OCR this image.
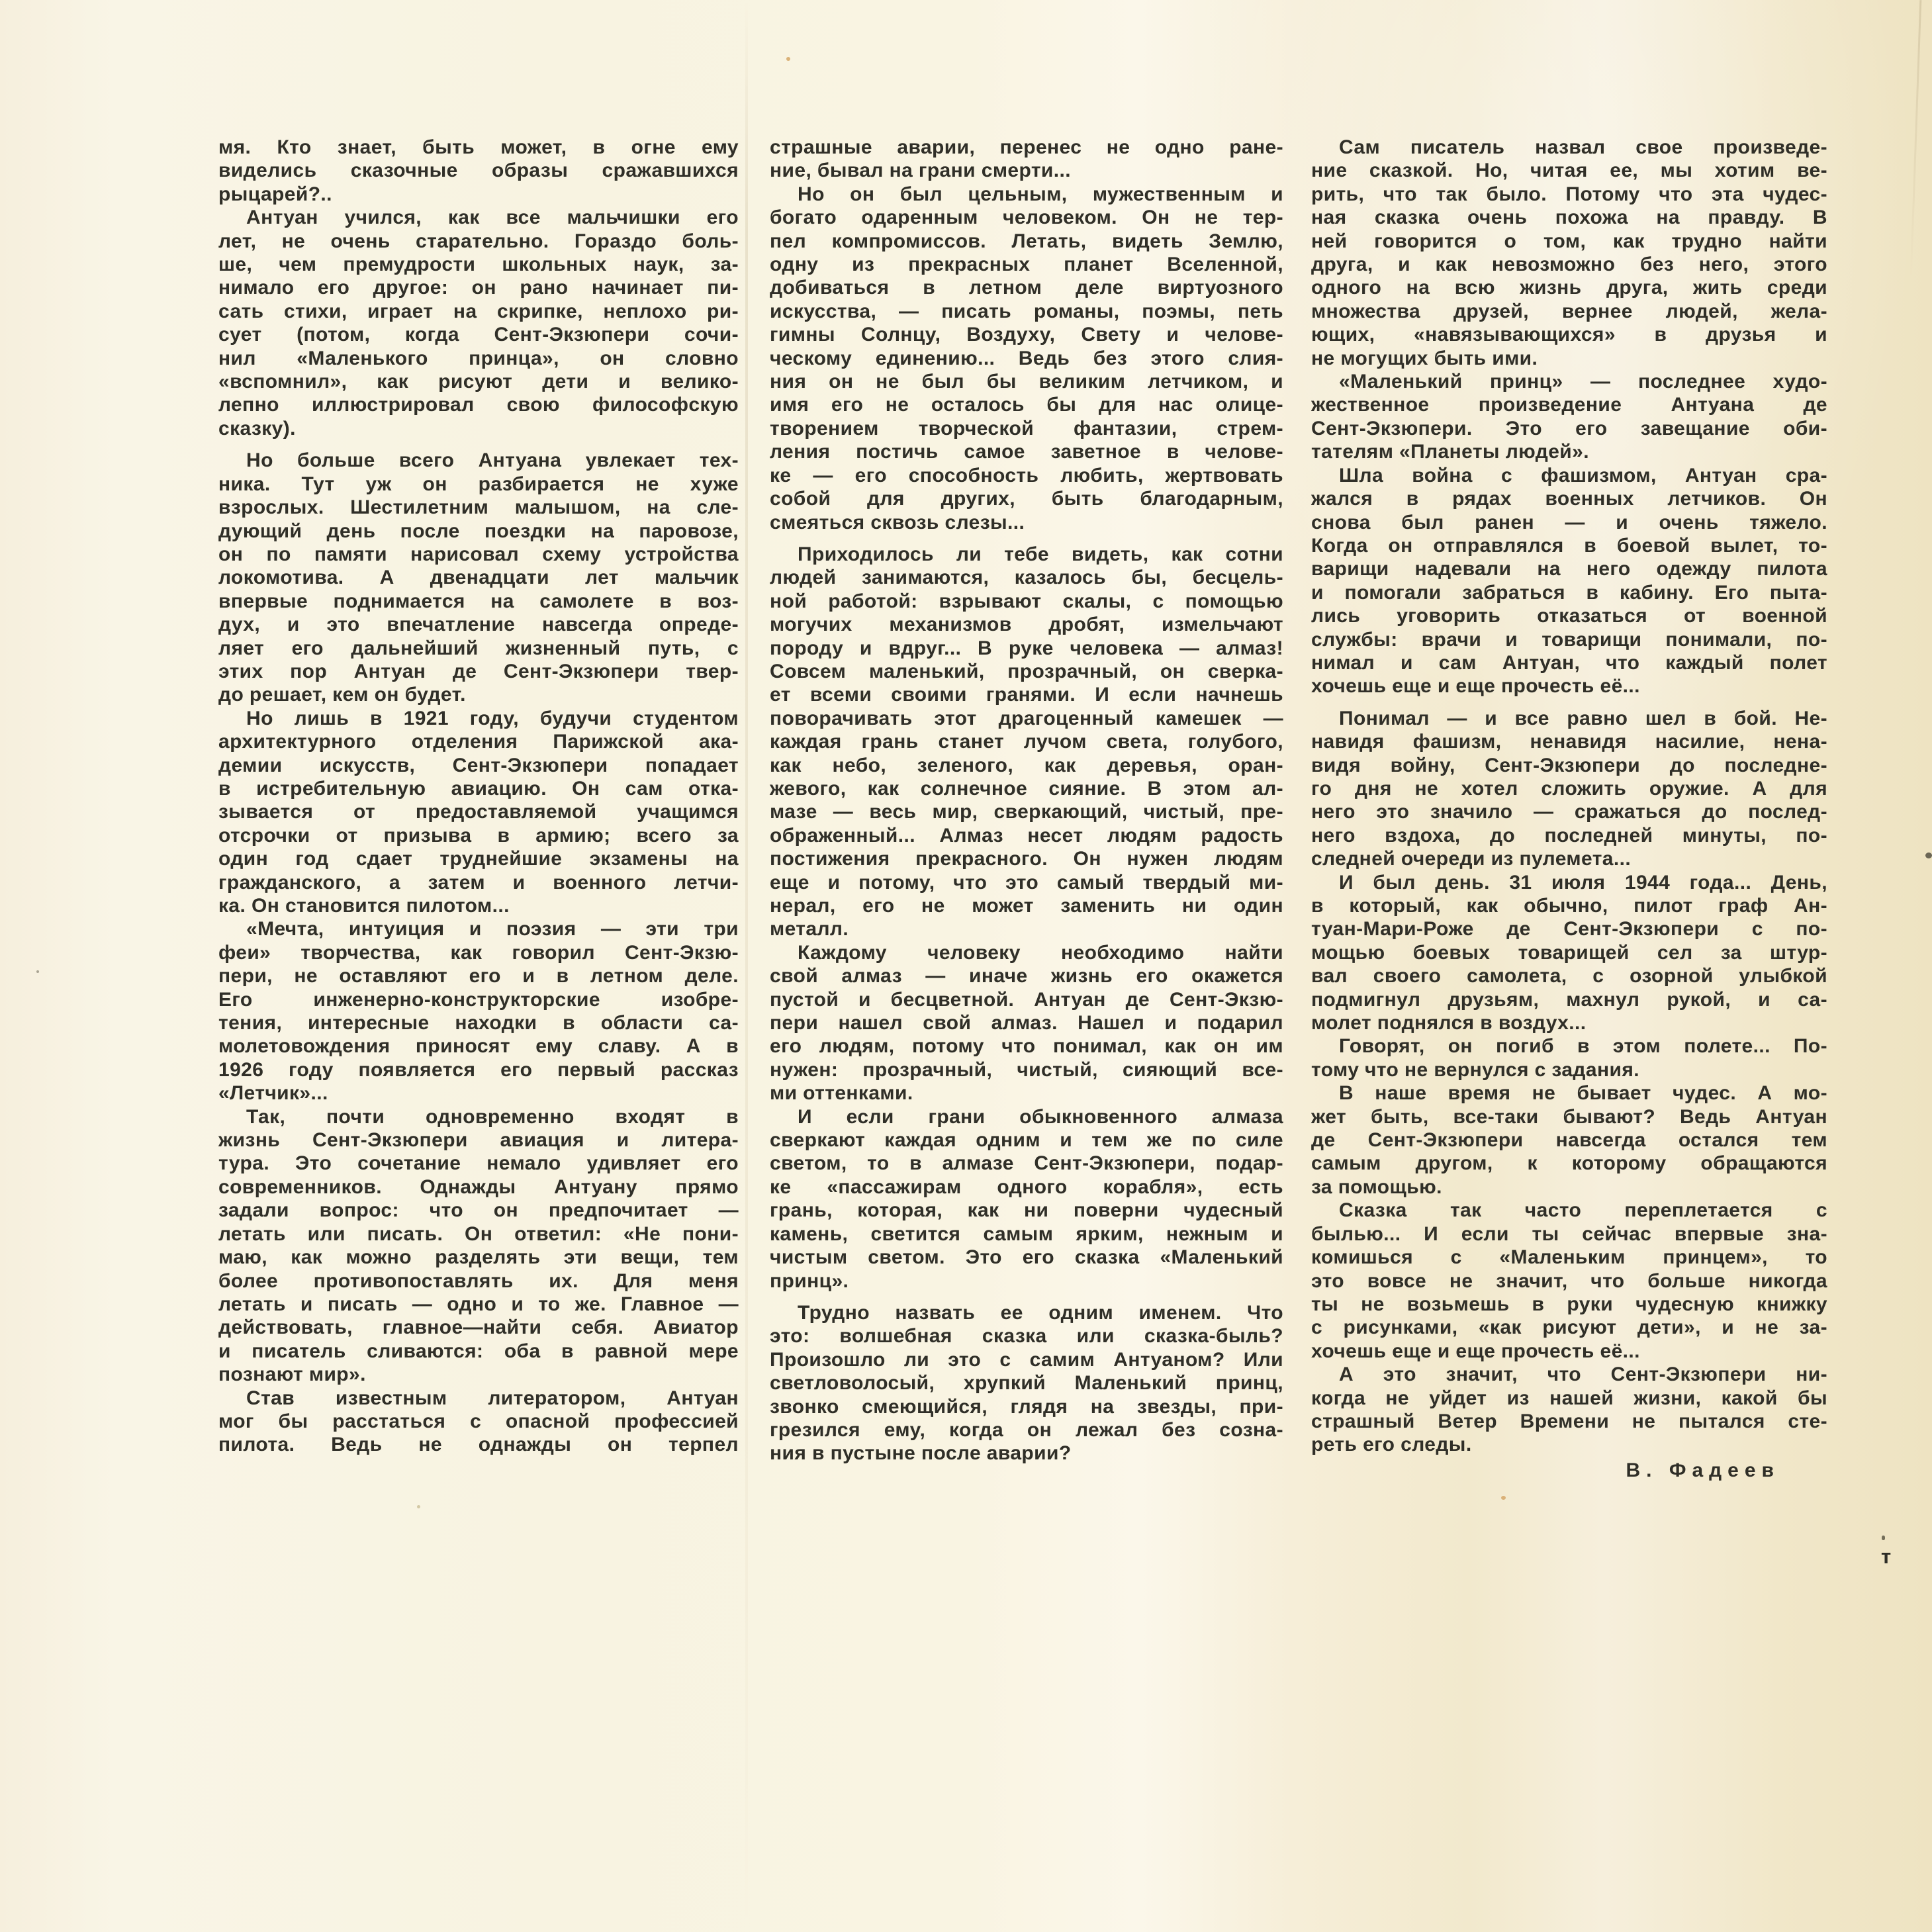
мя. Кто знает, быть может, в огне ему
виделись сказочные образы сражавшихся
рыцарей?..
Антуан учился, как все мальчишки его
лет, не очень старательно. Гораздо боль-
ше, чем премудрости школьных наук, за-
нимало его другое: он рано начинает пи-
сать стихи, играет на скрипке, неплохо ри-
сует (потом, когда Сент-Экзюпери сочи-
нил «Маленького принца», он словно
«вспомнил», как рисуют дети и велико-
лепно иллюстрировал свою философскую
сказку).
Но больше всего Антуана увлекает тех-
ника. Тут уж он разбирается не хуже
взрослых. Шестилетним малышом, на сле-
дующий день после поездки на паровозе,
он по памяти нарисовал схему устройства
локомотива. А двенадцати лет мальчик
впервые поднимается на самолете в воз-
дух, и это впечатление навсегда опреде-
ляет его дальнейший жизненный путь, с
этих пор Антуан де Сент-Экзюпери твер-
до решает, кем он будет.
Но лишь в 1921 году, будучи студентом
архитектурного отделения Парижской ака-
демии искусств, Сент-Экзюпери попадает
в истребительную авиацию. Он сам отка-
зывается от предоставляемой учащимся
отсрочки от призыва в армию; всего за
один год сдает труднейшие экзамены на
гражданского, а затем и военного летчи-
ка. Он становится пилотом...
«Мечта, интуиция и поэзия — эти три
феи» творчества, как говорил Сент-Экзю-
пери, не оставляют его и в летном деле.
Его инженерно-конструкторские изобре-
тения, интересные находки в области са-
молетовождения приносят ему славу. А в
1926 году появляется его первый рассказ
«Летчик»...
Так, почти одновременно входят в
жизнь Сент-Экзюпери авиация и литера-
тура. Это сочетание немало удивляет его
современников. Однажды Антуану прямо
задали вопрос: что он предпочитает —
летать или писать. Он ответил: «Не пони-
маю, как можно разделять эти вещи, тем
более противопоставлять их. Для меня
летать и писать — одно и то же. Главное —
действовать, главное—найти себя. Авиатор
и писатель сливаются: оба в равной мере
познают мир».
Став известным литератором, Антуан
мог бы расстаться с опасной профессией
пилота. Ведь не однажды он терпел
страшные аварии, перенес не одно ране-
ние, бывал на грани смерти...
Но он был цельным, мужественным и
богато одаренным человеком. Он не тер-
пел компромиссов. Летать, видеть Землю,
одну из прекрасных планет Вселенной,
добиваться в летном деле виртуозного
искусства, — писать романы, поэмы, петь
гимны Солнцу, Воздуху, Свету и челове-
ческому единению... Ведь без этого слия-
ния он не был бы великим летчиком, и
имя его не осталось бы для нас олице-
творением творческой фантазии, стрем-
ления постичь самое заветное в челове-
ке — его способность любить, жертвовать
собой для других, быть благодарным,
смеяться сквозь слезы...
Приходилось ли тебе видеть, как сотни
людей занимаются, казалось бы, бесцель-
ной работой: взрывают скалы, с помощью
могучих механизмов дробят, измельчают
породу и вдруг... В руке человека — алмаз!
Совсем маленький, прозрачный, он сверка-
ет всеми своими гранями. И если начнешь
поворачивать этот драгоценный камешек —
каждая грань станет лучом света, голубого,
как небо, зеленого, как деревья, оран-
жевого, как солнечное сияние. В этом ал-
мазе — весь мир, сверкающий, чистый, пре-
ображенный... Алмаз несет людям радость
постижения прекрасного. Он нужен людям
еще и потому, что это самый твердый ми-
нерал, его не может заменить ни один
металл.
Каждому человеку необходимо найти
свой алмаз — иначе жизнь его окажется
пустой и бесцветной. Антуан де Сент-Экзю-
пери нашел свой алмаз. Нашел и подарил
его людям, потому что понимал, как он им
нужен: прозрачный, чистый, сияющий все-
ми оттенками.
И если грани обыкновенного алмаза
сверкают каждая одним и тем же по силе
светом, то в алмазе Сент-Экзюпери, подар-
ке «пассажирам одного корабля», есть
грань, которая, как ни поверни чудесный
камень, светится самым ярким, нежным и
чистым светом. Это его сказка «Маленький
принц».
Трудно назвать ее одним именем. Что
это: волшебная сказка или сказка-быль?
Произошло ли это с самим Антуаном? Или
светловолосый, хрупкий Маленький принц,
звонко смеющийся, глядя на звезды, при-
грезился ему, когда он лежал без созна-
ния в пустыне после аварии?
Сам писатель назвал свое произведе-
ние сказкой. Но, читая ее, мы хотим ве-
рить, что так было. Потому что эта чудес-
ная сказка очень похожа на правду. В
ней говорится о том, как трудно найти
друга, и как невозможно без него, этого
одного на всю жизнь друга, жить среди
множества друзей, вернее людей, жела-
ющих, «навязывающихся» в друзья и
не могущих быть ими.
«Маленький принц» — последнее худо-
жественное произведение Антуана де
Сент-Экзюпери. Это его завещание оби-
тателям «Планеты людей».
Шла война с фашизмом, Антуан сра-
жался в рядах военных летчиков. Он
снова был ранен — и очень тяжело.
Когда он отправлялся в боевой вылет, то-
варищи надевали на него одежду пилота
и помогали забраться в кабину. Его пыта-
лись уговорить отказаться от военной
службы: врачи и товарищи понимали, по-
нимал и сам Антуан, что каждый полет
хочешь еще и еще прочесть её...
Понимал — и все равно шел в бой. Не-
навидя фашизм, ненавидя насилие, нена-
видя войну, Сент-Экзюпери до последне-
го дня не хотел сложить оружие. А для
него это значило — сражаться до послед-
него вздоха, до последней минуты, по-
следней очереди из пулемета...
И был день. 31 июля 1944 года... День,
в который, как обычно, пилот граф Ан-
туан-Мари-Роже де Сент-Экзюпери с по-
мощью боевых товарищей сел за штур-
вал своего самолета, с озорной улыбкой
подмигнул друзьям, махнул рукой, и са-
молет поднялся в воздух...
Говорят, он погиб в этом полете... По-
тому что не вернулся с задания.
В наше время не бывает чудес. А мо-
жет быть, все-таки бывают? Ведь Антуан
де Сент-Экзюпери навсегда остался тем
самым другом, к которому обращаются
за помощью.
Сказка так часто переплетается с
былью... И если ты сейчас впервые зна-
комишься с «Маленьким принцем», то
это вовсе не значит, что больше никогда
ты не возьмешь в руки чудесную книжку
с рисунками, «как рисуют дети», и не за-
хочешь еще и еще прочесть её...
А это значит, что Сент-Экзюпери ни-
когда не уйдет из нашей жизни, какой бы
страшный Ветер Времени не пытался сте-
реть его следы.
В. Фадеев
т
